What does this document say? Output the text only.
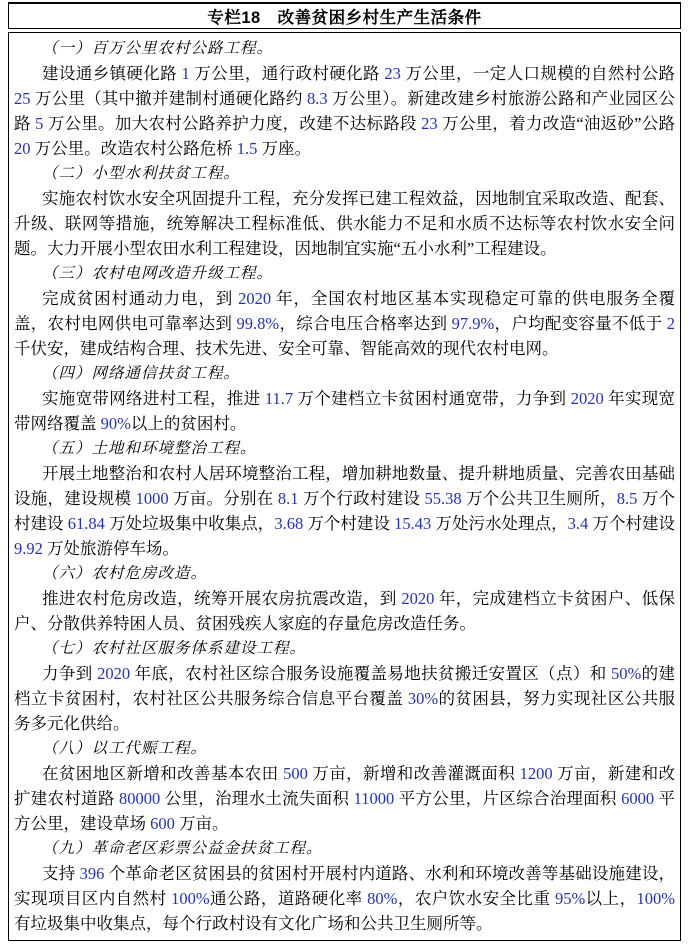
专栏18　改善贫困乡村生产生活条件

（一）百万公里农村公路工程。

建设通乡镇硬化路 1 万公里，通行政村硬化路 23 万公里，一定人口规模的自然村公路 25 万公里（其中撤并建制村通硬化路约 8.3 万公里）。新建改建乡村旅游公路和产业园区公路 5 万公里。加大农村公路养护力度，改建不达标路段 23 万公里，着力改造“油返砂”公路 20 万公里。改造农村公路危桥 1.5 万座。

（二）小型水利扶贫工程。

实施农村饮水安全巩固提升工程，充分发挥已建工程效益，因地制宜采取改造、配套、升级、联网等措施，统筹解决工程标准低、供水能力不足和水质不达标等农村饮水安全问题。大力开展小型农田水利工程建设，因地制宜实施“五小水利”工程建设。

（三）农村电网改造升级工程。

完成贫困村通动力电，到 2020 年，全国农村地区基本实现稳定可靠的供电服务全覆盖，农村电网供电可靠率达到 99.8%，综合电压合格率达到 97.9%，户均配变容量不低于 2 千伏安，建成结构合理、技术先进、安全可靠、智能高效的现代农村电网。

（四）网络通信扶贫工程。

实施宽带网络进村工程，推进 11.7 万个建档立卡贫困村通宽带，力争到 2020 年实现宽带网络覆盖 90%以上的贫困村。

（五）土地和环境整治工程。

开展土地整治和农村人居环境整治工程，增加耕地数量、提升耕地质量、完善农田基础设施，建设规模 1000 万亩。分别在 8.1 万个行政村建设 55.38 万个公共卫生厕所，8.5 万个村建设 61.84 万处垃圾集中收集点，3.68 万个村建设 15.43 万处污水处理点，3.4 万个村建设 9.92 万处旅游停车场。

（六）农村危房改造。

推进农村危房改造，统筹开展农房抗震改造，到 2020 年，完成建档立卡贫困户、低保户、分散供养特困人员、贫困残疾人家庭的存量危房改造任务。

（七）农村社区服务体系建设工程。

力争到 2020 年底，农村社区综合服务设施覆盖易地扶贫搬迁安置区（点）和 50%的建档立卡贫困村，农村社区公共服务综合信息平台覆盖 30%的贫困县，努力实现社区公共服务多元化供给。

（八）以工代赈工程。

在贫困地区新增和改善基本农田 500 万亩，新增和改善灌溉面积 1200 万亩，新建和改扩建农村道路 80000 公里，治理水土流失面积 11000 平方公里，片区综合治理面积 6000 平方公里，建设草场 600 万亩。

（九）革命老区彩票公益金扶贫工程。

支持 396 个革命老区贫困县的贫困村开展村内道路、水利和环境改善等基础设施建设，实现项目区内自然村 100%通公路，道路硬化率 80%，农户饮水安全比重 95%以上，100%有垃圾集中收集点，每个行政村设有文化广场和公共卫生厕所等。
